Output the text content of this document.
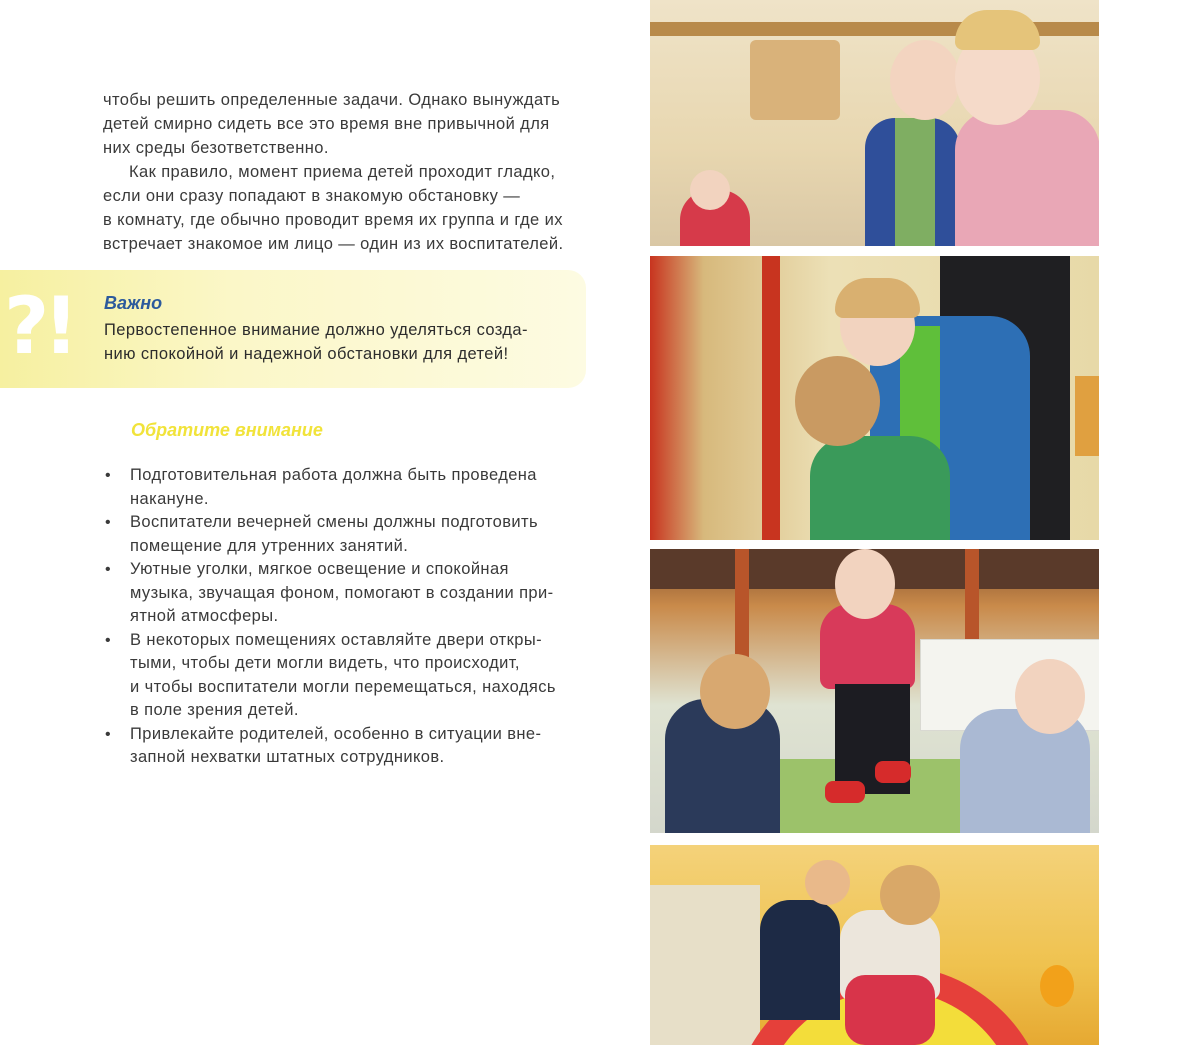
чтобы решить определенные задачи. Однако вынуждать
детей смирно сидеть все это время вне привычной для
них среды безответственно.

Как правило, момент приема детей проходит гладко,
если они сразу попадают в знакомую обстановку —
в комнату, где обычно проводит время их группа и где их
встречает знакомое им лицо — один из их воспитателей.

?!	Важно
Первостепенное внимание должно уделяться созда-
нию спокойной и надежной обстановки для детей!
Обратите внимание
• Подготовительная работа должна быть проведена
накануне.
• Воспитатели вечерней смены должны подготовить
помещение для утренних занятий.
• Уютные уголки, мягкое освещение и спокойная
музыка, звучащая фоном, помогают в создании при-
ятной атмосферы.
• В некоторых помещениях оставляйте двери откры-
тыми, чтобы дети могли видеть, что происходит,
и чтобы воспитатели могли перемещаться, находясь
в поле зрения детей.
• Привлекайте родителей, особенно в ситуации вне-
запной нехватки штатных сотрудников.
